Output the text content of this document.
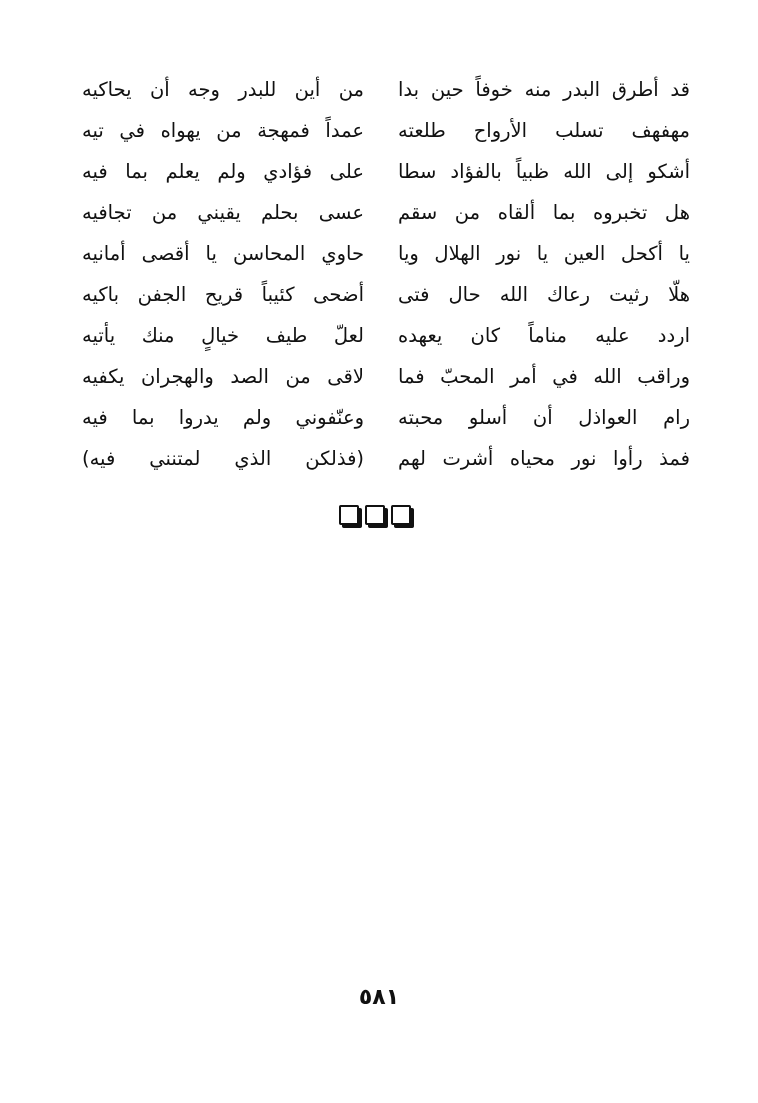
قد أطرق البدر منه خوفاً حين بدا
من أين للبدر وجه أن يحاكيه
مهفهف تسلب الأرواح طلعته
عمداً فمهجة من يهواه في تيه
أشكو إلى الله ظبياً بالفؤاد سطا
على فؤادي ولم يعلم بما فيه
هل تخبروه بما ألقاه من سقم
عسى بحلم يقيني من تجافيه
يا أكحل العين يا نور الهلال ويا
حاوي المحاسن يا أقصى أمانيه
هلّا رثيت رعاك الله حال فتى
أضحى كئيباً قريح الجفن باكيه
اردد عليه مناماً كان يعهده
لعلّ طيف خيالٍ منك يأتيه
وراقب الله في أمر المحبّ فما
لاقى من الصد والهجران يكفيه
رام العواذل أن أسلو محبته
وعنّفوني ولم يدروا بما فيه
فمذ رأوا نور محياه أشرت لهم
(فذلكن الذي لمتنني فيه)
٥٨١
